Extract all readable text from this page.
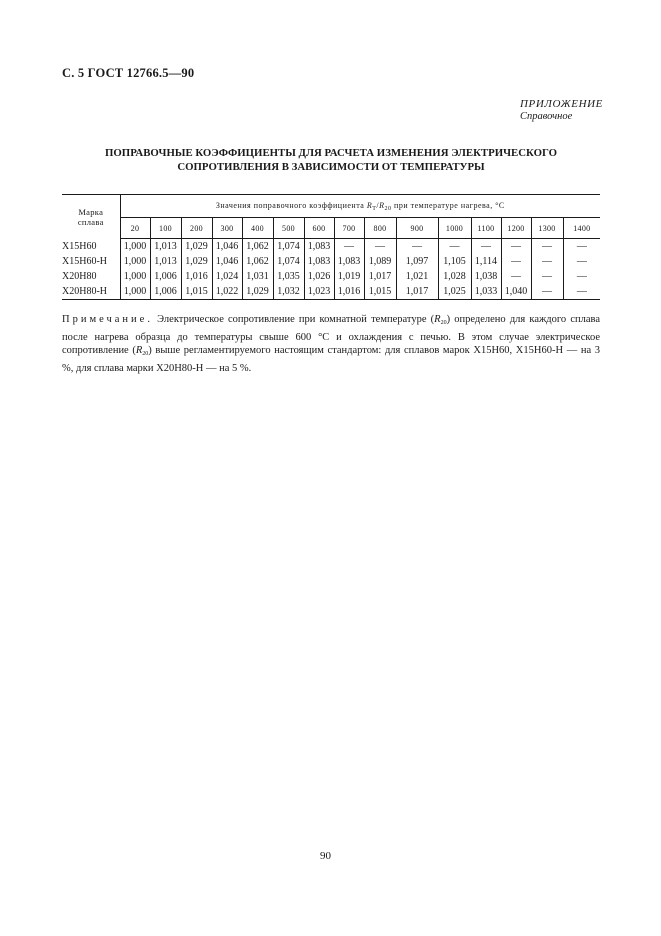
С. 5 ГОСТ 12766.5—90
ПРИЛОЖЕНИЕ
Справочное
ПОПРАВОЧНЫЕ КОЭФФИЦИЕНТЫ ДЛЯ РАСЧЕТА ИЗМЕНЕНИЯ ЭЛЕКТРИЧЕСКОГО
СОПРОТИВЛЕНИЯ В ЗАВИСИМОСТИ ОТ ТЕМПЕРАТУРЫ
Марка
сплава	Значения поправочного коэффициента $R_T/R_{20}$ при температуре нагрева, °С														
	20	100	200	300	400	500	600	700	800	900	1000	1100	1200	1300	1400
Х15Н60	1,000	1,013	1,029	1,046	1,062	1,074	1,083	—	—	—	—	—	—	—	—
Х15Н60-Н	1,000	1,013	1,029	1,046	1,062	1,074	1,083	1,083	1,089	1,097	1,105	1,114	—	—	—
Х20Н80	1,000	1,006	1,016	1,024	1,031	1,035	1,026	1,019	1,017	1,021	1,028	1,038	—	—	—
Х20Н80-Н	1,000	1,006	1,015	1,022	1,029	1,032	1,023	1,016	1,015	1,017	1,025	1,033	1,040	—	—
Примечание. Электрическое сопротивление при комнатной температуре $(R_{20})$ определено для каждого сплава после нагрева образца до температуры свыше 600 °С и охлаждения с печью. В этом случае электрическое сопротивление $(R_{20})$ выше регламентируемого настоящим стандартом: для сплавов марок Х15Н60, Х15Н60-Н — на 3 %, для сплава марки Х20Н80-Н — на 5 %.
90
